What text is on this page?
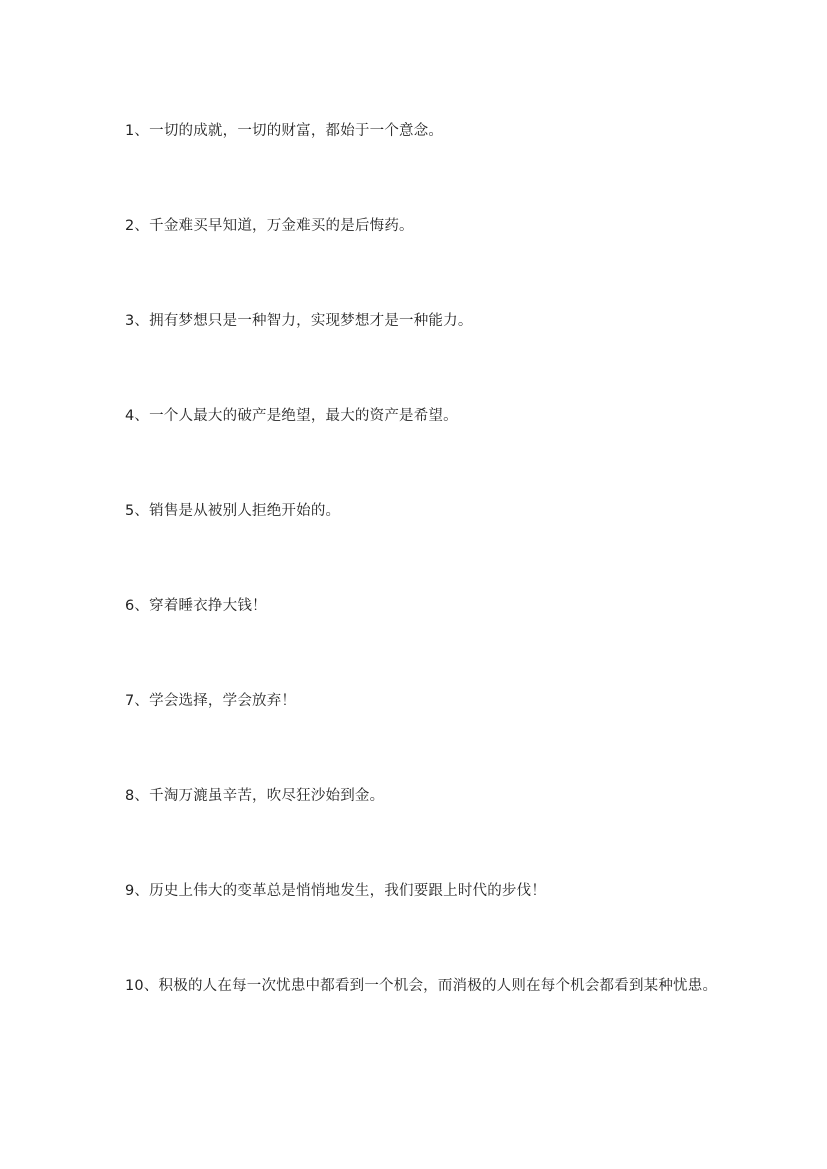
1、一切的成就，一切的财富，都始于一个意念。
2、千金难买早知道，万金难买的是后悔药。
3、拥有梦想只是一种智力，实现梦想才是一种能力。
4、一个人最大的破产是绝望，最大的资产是希望。
5、销售是从被别人拒绝开始的。
6、穿着睡衣挣大钱！
7、学会选择，学会放弃！
8、千淘万漉虽辛苦，吹尽狂沙始到金。
9、历史上伟大的变革总是悄悄地发生，我们要跟上时代的步伐！
10、积极的人在每一次忧患中都看到一个机会，而消极的人则在每个机会都看到某种忧患。
